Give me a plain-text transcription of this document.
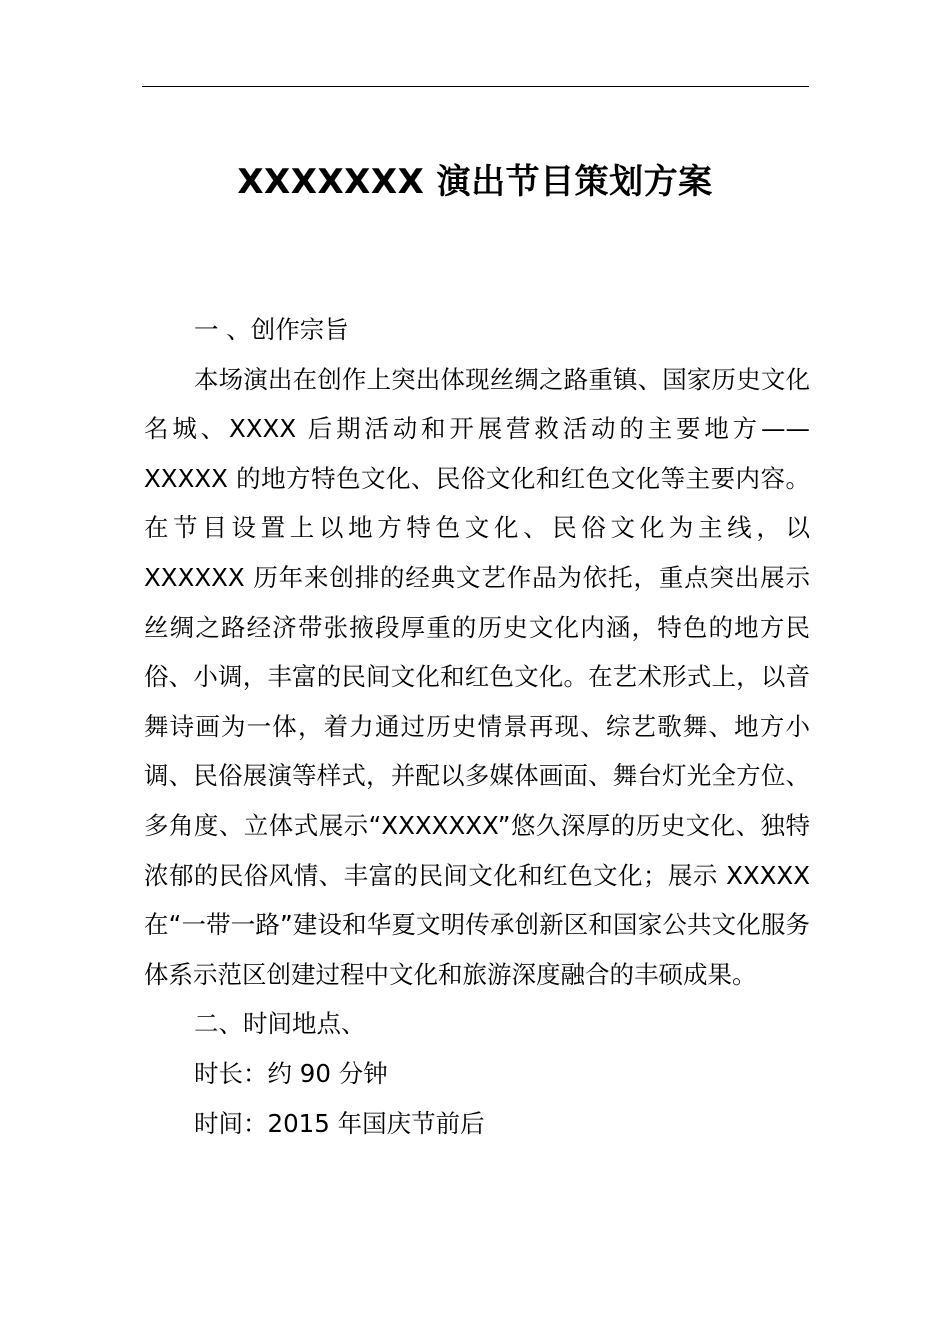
XXXXXXX 演出节目策划方案

一 、创作宗旨

本场演出在创作上突出体现丝绸之路重镇、国家历史文化名城、XXXX 后期活动和开展营救活动的主要地方——XXXXX 的地方特色文化、民俗文化和红色文化等主要内容。在节目设置上以地方特色文化、民俗文化为主线，以 XXXXXX 历年来创排的经典文艺作品为依托，重点突出展示丝绸之路经济带张掖段厚重的历史文化内涵，特色的地方民俗、小调，丰富的民间文化和红色文化。在艺术形式上，以音舞诗画为一体，着力通过历史情景再现、综艺歌舞、地方小调、民俗展演等样式，并配以多媒体画面、舞台灯光全方位、多角度、立体式展示“XXXXXXX”悠久深厚的历史文化、独特浓郁的民俗风情、丰富的民间文化和红色文化；展示 XXXXX 在“一带一路”建设和华夏文明传承创新区和国家公共文化服务体系示范区创建过程中文化和旅游深度融合的丰硕成果。

二、时间地点、

时长：约 90 分钟

时间：2015 年国庆节前后
